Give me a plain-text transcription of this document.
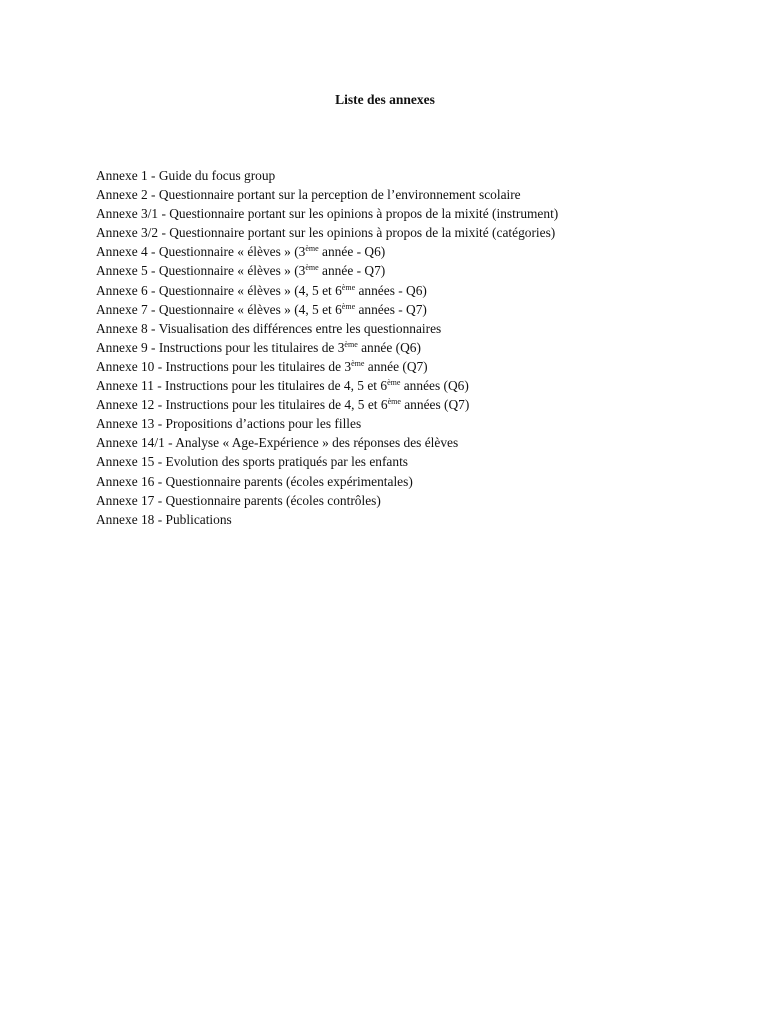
Liste des annexes
Annexe 1 - Guide du focus group
Annexe 2 - Questionnaire portant sur la perception de l’environnement scolaire
Annexe 3/1 - Questionnaire portant sur les opinions à propos de la mixité (instrument)
Annexe 3/2 - Questionnaire portant sur les opinions à propos de la mixité (catégories)
Annexe 4 - Questionnaire « élèves » (3ème année - Q6)
Annexe 5 - Questionnaire « élèves » (3ème année - Q7)
Annexe 6 - Questionnaire « élèves » (4, 5 et 6ème années - Q6)
Annexe 7 - Questionnaire « élèves » (4, 5 et 6ème années - Q7)
Annexe 8 - Visualisation des différences entre les questionnaires
Annexe 9 - Instructions pour les titulaires de 3ème année (Q6)
Annexe 10 - Instructions pour les titulaires de 3ème année (Q7)
Annexe 11 - Instructions pour les titulaires de 4, 5 et 6ème années (Q6)
Annexe 12 - Instructions pour les titulaires de 4, 5 et 6ème années (Q7)
Annexe 13 - Propositions d’actions pour les filles
Annexe 14/1 - Analyse « Age-Expérience » des réponses des élèves
Annexe 15 - Evolution des sports pratiqués par les enfants
Annexe 16 - Questionnaire parents (écoles expérimentales)
Annexe 17 - Questionnaire parents (écoles contrôles)
Annexe 18 - Publications
